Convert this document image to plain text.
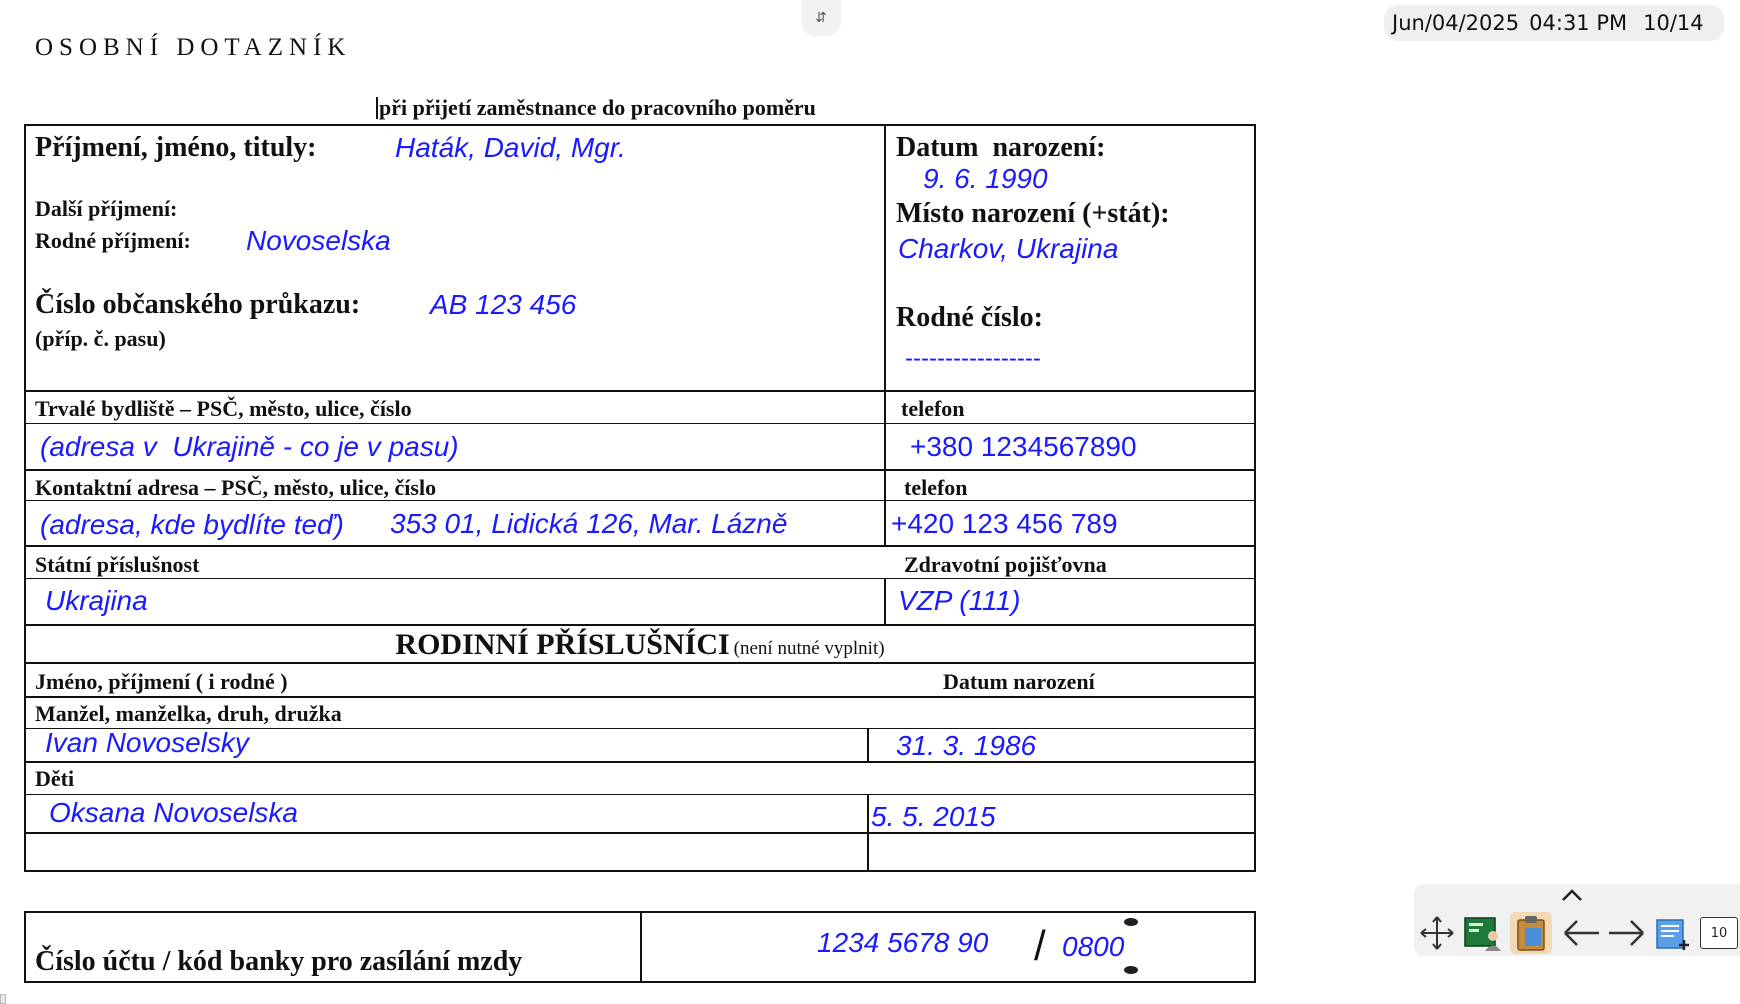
OSOBNÍ DOTAZNÍK
⇵	Jun/04/2025 04:31 PM 10/14
při přijetí zaměstnance do pracovního poměru
Příjmení, jméno, tituly:	Haták, David, Mgr.
Další příjmení:
Rodné příjmení: Novoselska
Číslo občanského průkazu: AB 123 456
(příp. č. pasu)
Datum  narození:
9. 6. 1990
Místo narození (+stát):
Charkov, Ukrajina
Rodné číslo:
-----------------
Trvalé bydliště – PSČ, město, ulice, číslo	telefon
(adresa v  Ukrajině - co je v pasu)	+380 1234567890
Kontaktní adresa – PSČ, město, ulice, číslo	telefon
(adresa, kde bydlíte teď) 353 01, Lidická 126, Mar. Lázně	+420 123 456 789
Státní příslušnost	Zdravotní pojišťovna
Ukrajina	VZP (111)
RODINNÍ PŘÍSLUŠNÍCI (není nutné vyplnit)
Jméno, příjmení ( i rodné )	Datum narození
Manžel, manželka, druh, družka
Ivan Novoselsky	31. 3. 1986
Děti
Oksana Novoselska	5. 5. 2015
Číslo účtu / kód banky pro zasílání mzdy
1234 5678 90 / 0800	10
